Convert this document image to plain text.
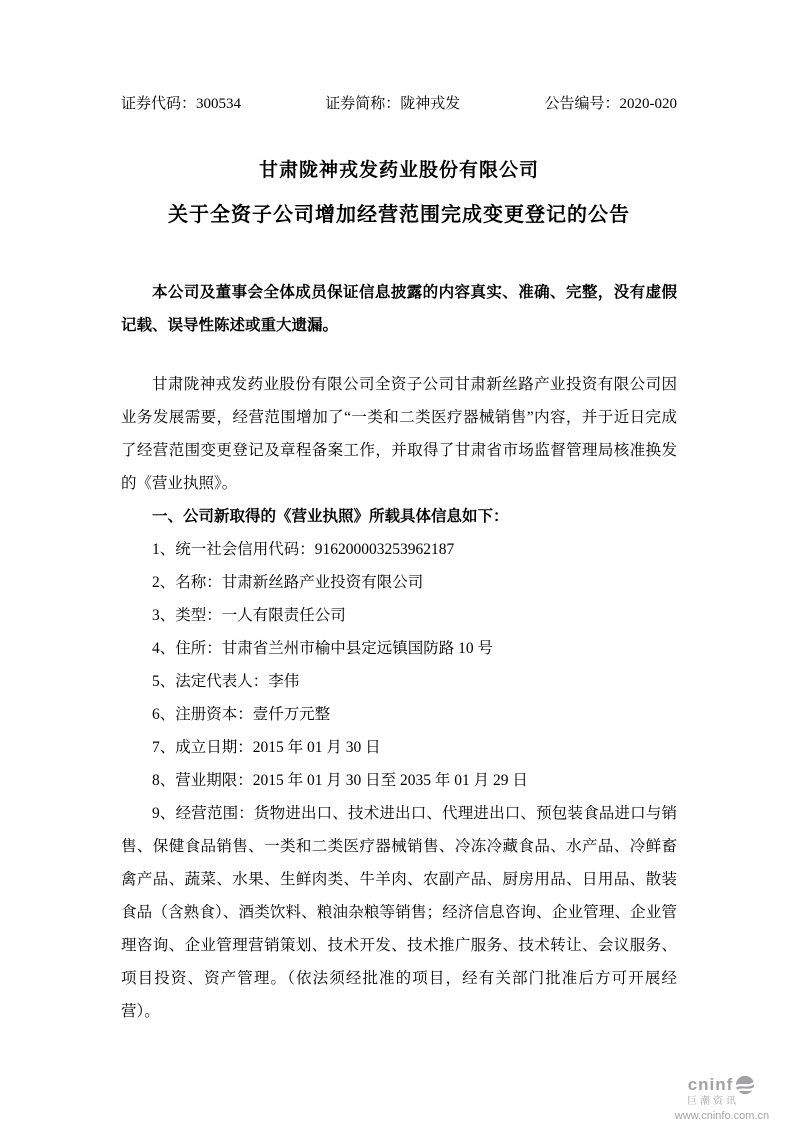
证券代码：300534	证券简称：陇神戎发	公告编号：2020-020
甘肃陇神戎发药业股份有限公司
关于全资子公司增加经营范围完成变更登记的公告

本公司及董事会全体成员保证信息披露的内容真实、准确、完整，没有虚假记载、误导性陈述或重大遗漏。

甘肃陇神戎发药业股份有限公司全资子公司甘肃新丝路产业投资有限公司因业务发展需要，经营范围增加了“一类和二类医疗器械销售”内容，并于近日完成了经营范围变更登记及章程备案工作，并取得了甘肃省市场监督管理局核准换发的《营业执照》。

一、公司新取得的《营业执照》所载具体信息如下：

1、统一社会信用代码：916200003253962187

2、名称：甘肃新丝路产业投资有限公司

3、类型：一人有限责任公司

4、住所：甘肃省兰州市榆中县定远镇国防路 10 号

5、法定代表人：李伟

6、注册资本：壹仟万元整

7、成立日期：2015 年 01 月 30 日

8、营业期限：2015 年 01 月 30 日至 2035 年 01 月 29 日

9、经营范围：货物进出口、技术进出口、代理进出口、预包装食品进口与销售、保健食品销售、一类和二类医疗器械销售、冷冻冷藏食品、水产品、冷鲜畜禽产品、蔬菜、水果、生鲜肉类、牛羊肉、农副产品、厨房用品、日用品、散装食品（含熟食）、酒类饮料、粮油杂粮等销售；经济信息咨询、企业管理、企业管理咨询、企业管理营销策划、技术开发、技术推广服务、技术转让、会议服务、项目投资、资产管理。（依法须经批准的项目，经有关部门批准后方可开展经营）。

cninf
巨潮资讯
www.cninfo.com.cn
